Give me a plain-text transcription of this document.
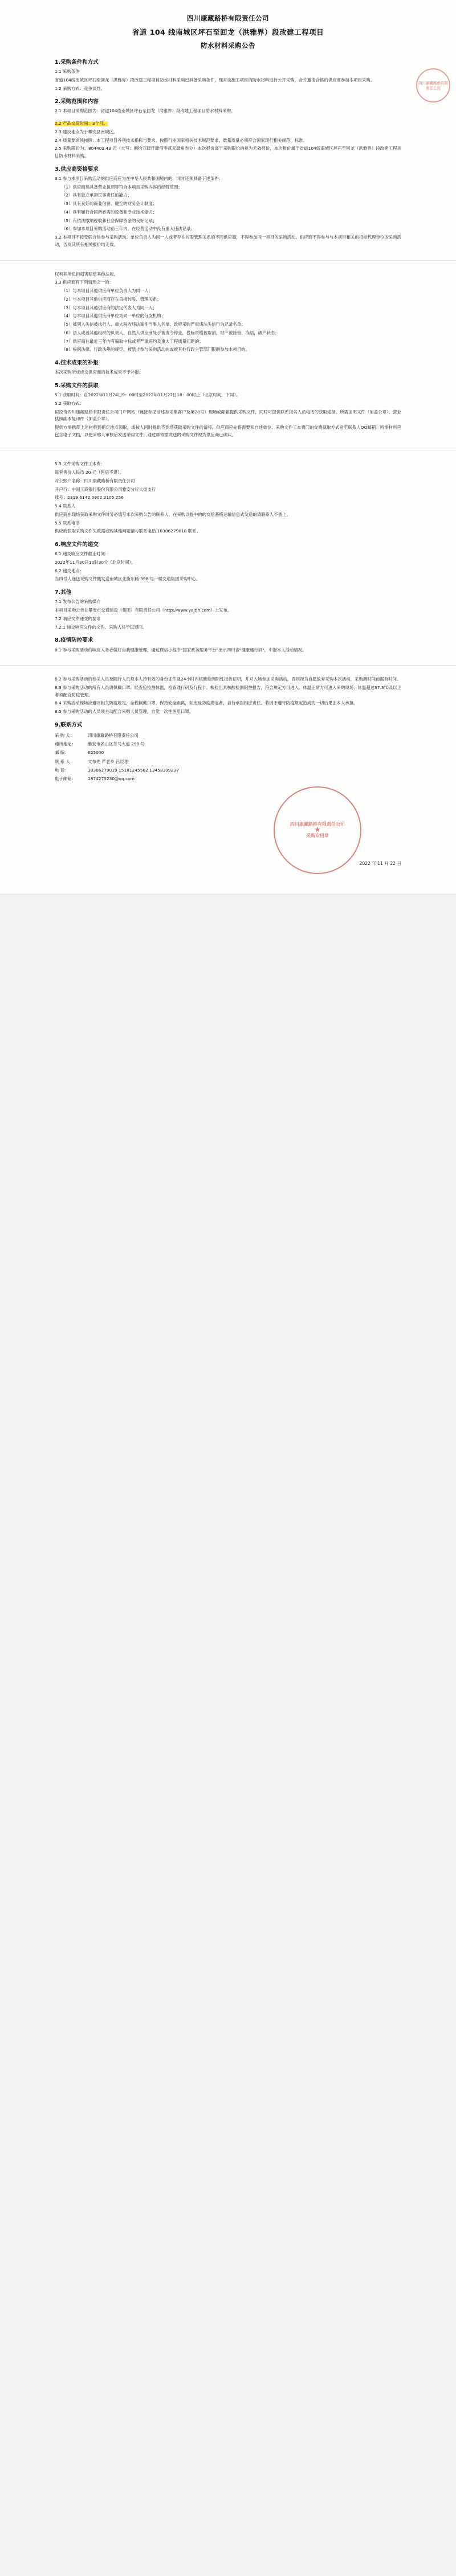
四川康藏路桥有限责任公司
四川康藏路桥有限责任公司
省道 104 线南城区坪石至回龙（洪雅界）段改建工程项目
防水材料采购公告
1.采购条件和方式

1.1 采购条件

省道104线南城区坪石至回龙（洪雅界）段改建工程项目防水材料采购已具备采购条件，现对该施工项目的防水材料进行公开采购，合并邀请合格的供应商参加本项目采购。

1.2 采购方式：竞争谈判。

2.采购范围和内容

2.1 本项目采购范围为：省道104线南城区坪石至回龙（洪雅界）段改建工程项目防水材料采购。

2.2 产品交货时间：3个月。

2.3 建设地点为于攀安县南城区。

2.4 质量要求须按照：本工程项目各项技术指标与要求，按照行业国家相关技术规范要求，数量质量必须符合国家现行相关规范、标准。

2.5 采购限价为：804402.43 元（大写：捌拾万肆仟肆佰零贰元肆角叁分）本次报价高于采购限价的视为无效报价，本次报价属于省道104线南城区坪石至回龙（洪雅界）段改建工程项目防水材料采购。

3.供应商资格要求

3.1 参与本项目采购活动的供应商应为在中华人民共和国境内的，同时还须具备下述条件：

（1）供应商须具备营业执照等符合本项目采购内容的经营范围；

（2）具有独立承担民事责任的能力；

（3）具有良好的商业信誉、健全的财务会计制度；

（4）具有履行合同所必需的设备和专业技术能力；

（5）有依法缴纳税收和社会保障资金的良好记录；

（6）参加本项目采购活动前三年内，在经营活动中没有重大违法记录；

3.2 本项目不接受联合体参与采购活动。单位负责人为同一人或者存在控股管理关系的不同供应商，不得参加同一项目的采购活动。供应商不得参与与本项目相关的招标代理单位的采购活动，否则其所有相关报价均无效。

权利其所负担损害赔偿其他法规。

3.3 供应商有下列情形之一的：

（1）与本项目其他供应商单位负责人为同一人；

（2）与本项目其他供应商存在直接控股、管理关系；

（3）与本项目其他供应商的法定代表人为同一人；

（4）与本项目其他供应商单位为同一单位的分支机构；

（5）被列入失信被执行人、重大税收违法案件当事人名单、政府采购严重违法失信行为记录名单；

（6）法人或者其他组织的负责人、自然人供应商处于被责令停业，投标资格被取消，财产被接管、冻结，破产状态；

（7）供应商在最近三年内有骗取中标或者严重违约及重大工程质量问题的；

（8）根据法律、行政法规的规定，被禁止参与采购活动的或被其他行政主管部门限制参加本项目的。

4.技术成果的补报

本次采购所成成交供应商的技术成果不予补报。

5.采购文件的获取

5.1 获取时间：自2022年11月24日9：00时至2022年11月27日18：00时止（北京时间，下同）。

5.2 获取方式：

拟投资四川康藏路桥有限责任公司门户网站（链接参见前述参采集客户及第28号）现场或邮箱提供采购文件，同时可提供联系报名人员电话的获取途径。所需证明文件（加盖公章）、营业执照副本复印件（加盖公章）。

提供方需携带上述材料到指定地点领取，或按人同时提供不到场获取采购文件的请将，供应商应先将需要和自述单位、采购文件工本费门的交费截取方式送至联系人QQ邮箱。所需材料应包含电子文档，以便采购人审核后发送采购文件。通过邮寄需发送的采购文件视为供应商已确认。

5.3 文件采购文件工本费：

每套售价人民币 20 元（售后不退）。

对公账户名称：四川康藏路桥有限责任公司

开户行：中国工商银行股份有限公司雅安分行大街支行

账号：2319 6142 0902 2105 256

5.4 联系人

供应商在现场获取采购文件时务必填写本次采购公告的联系人，在采购以提中的的交货基格运输信息式发送的请联系人不被上。

5.5 联系电话

供应商获取采购文件失败需或购其他问题请与联系电话 18386279018 联系。

6.响应文件的递交

6.1 递交响应文件截止时间：

2022年11月30日10时30分（北京时间）。

6.2 递交地点：

当四号人递送采购文件搬发送南城区北街东路 398 号一楼交通集团采购中心。

7.其他

7.1 发布公告的采购媒介

本项目采购公告在攀安市交通建设（集团）有限责任公司（http://www.yajtjh.com）上发布。

7.2 响应文件递交的要求

7.2.1 递交响应文件的文件、采购人将予以退回。

8.疫情防控要求

8.1 参与采购活动的响应人务必做好自我健康管理，通过微信小程序"国家政务服务平台"出示四川省"健康通行码"，中报本人活动情况。

8.2 参与采购活动的参采人员及随行人员须本人持有效的身份证件及24小时内核酸检测阴性报告证明，并对入场参加采购活动，否则视为自愿放弃采购本次活动，采购测时间前据有时间。

8.3 参与采购活动的所有人员请佩戴口罩、经查验检测体温，检查通行码及行程卡、核验出具核酸检测阴性报告，符合规定方可进入。体温正常方可进入采购现场；体温超过37.3℃及以上者须配合防疫管理。

8.4 采购活动现场应遵守相关防疫规定，全程佩戴口罩，保持安全距离，如违反防疫规定者，自行承担相应责任。若因不遵守防疫规定造成的一切后果由本人承担。

8.5 参与采购活动的人员须主动配合采购人员管理，自觉一次性医用口罩。

9.联系方式
采 购 人：	四川康藏路桥有限责任公司
通讯地址：	雅安市名山区茶马大道 298 号
邮 编：	625000
联 系 人：	文布先 严老乡 吕经理
电 话：	18386279019 15181245562 13458399237
电子邮箱：	1874275230@qq.com
四川康藏路桥有限责任公司
★
采购专用章
2022 年 11 月 22 日
